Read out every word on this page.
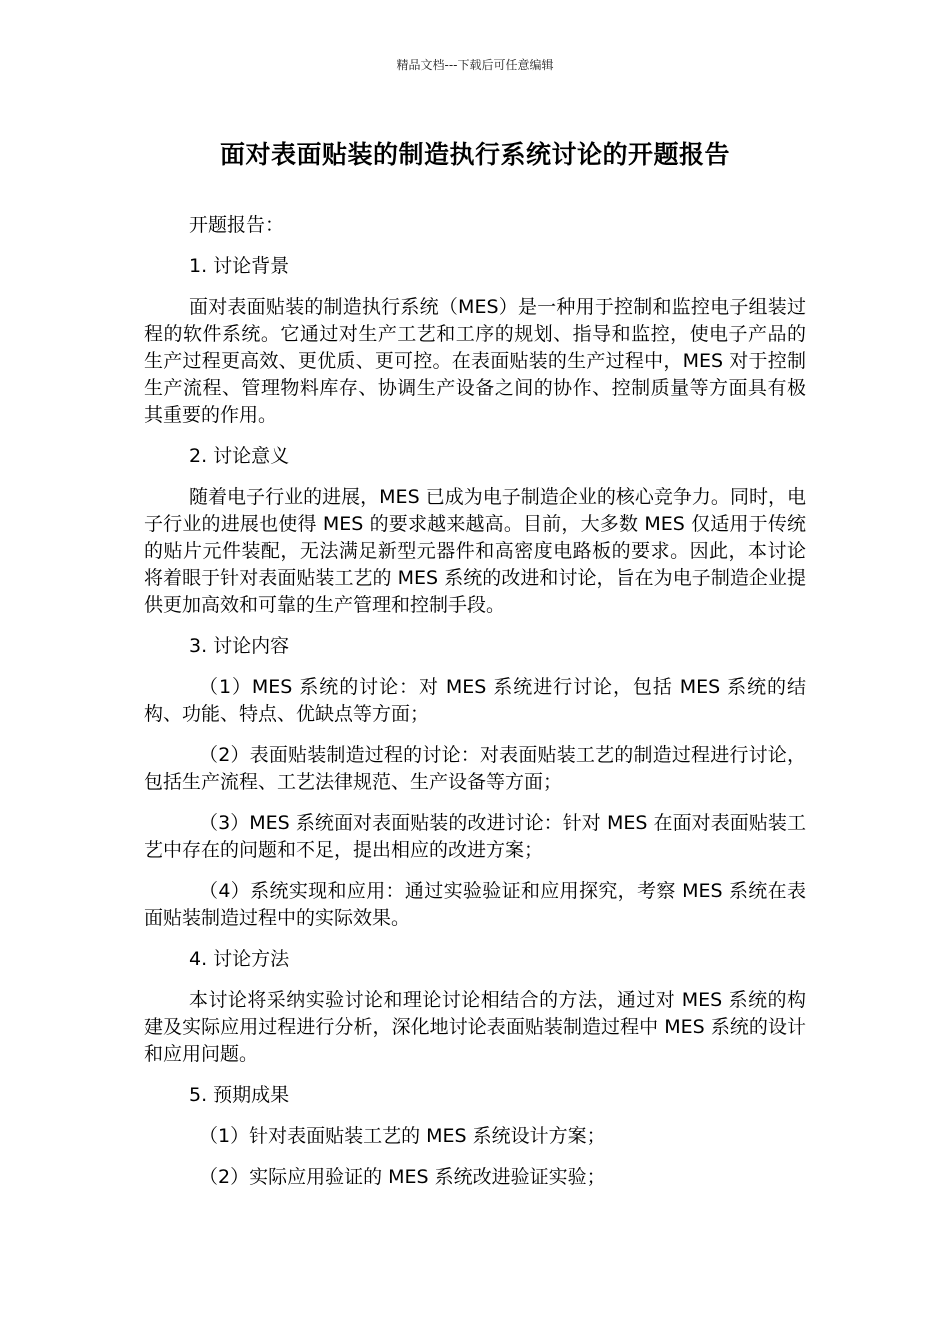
精品文档---下载后可任意编辑
面对表面贴装的制造执行系统讨论的开题报告

开题报告：

1. 讨论背景

面对表面贴装的制造执行系统（MES）是一种用于控制和监控电子组装过程的软件系统。它通过对生产工艺和工序的规划、指导和监控，使电子产品的生产过程更高效、更优质、更可控。在表面贴装的生产过程中，MES 对于控制生产流程、管理物料库存、协调生产设备之间的协作、控制质量等方面具有极其重要的作用。

2. 讨论意义

随着电子行业的进展，MES 已成为电子制造企业的核心竞争力。同时，电子行业的进展也使得 MES 的要求越来越高。目前，大多数 MES 仅适用于传统的贴片元件装配，无法满足新型元器件和高密度电路板的要求。因此，本讨论将着眼于针对表面贴装工艺的 MES 系统的改进和讨论，旨在为电子制造企业提供更加高效和可靠的生产管理和控制手段。

3. 讨论内容

（1）MES 系统的讨论：对 MES 系统进行讨论，包括 MES 系统的结构、功能、特点、优缺点等方面；

（2）表面贴装制造过程的讨论：对表面贴装工艺的制造过程进行讨论，包括生产流程、工艺法律规范、生产设备等方面；

（3）MES 系统面对表面贴装的改进讨论：针对 MES 在面对表面贴装工艺中存在的问题和不足，提出相应的改进方案；

（4）系统实现和应用：通过实验验证和应用探究，考察 MES 系统在表面贴装制造过程中的实际效果。

4. 讨论方法

本讨论将采纳实验讨论和理论讨论相结合的方法，通过对 MES 系统的构建及实际应用过程进行分析，深化地讨论表面贴装制造过程中 MES 系统的设计和应用问题。

5. 预期成果

（1）针对表面贴装工艺的 MES 系统设计方案；

（2）实际应用验证的 MES 系统改进验证实验；
